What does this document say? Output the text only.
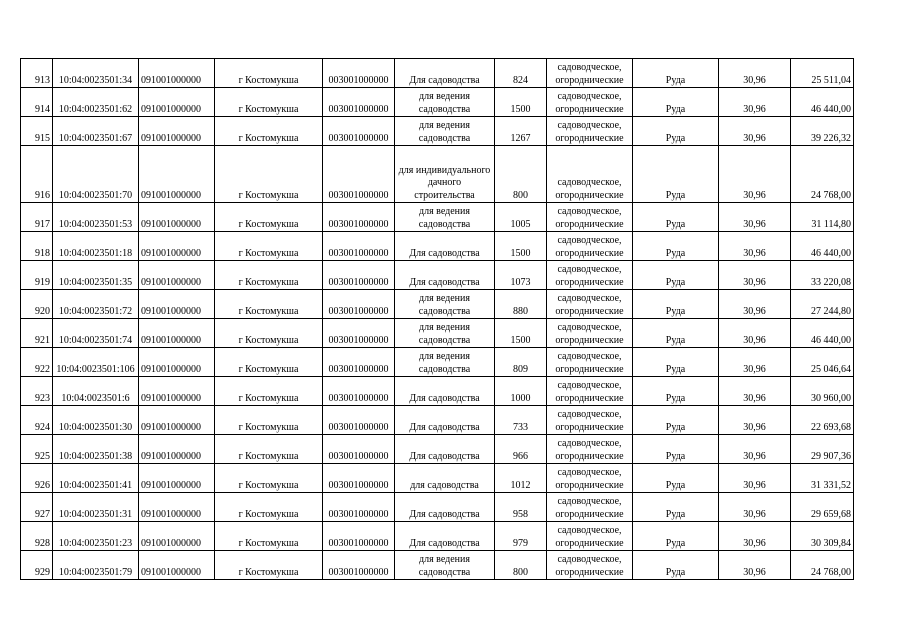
913	10:04:0023501:34	091001000000	г Костомукша	003001000000	Для садоводства	824	садоводческое, огороднические	Руда	30,96	25 511,04
914	10:04:0023501:62	091001000000	г Костомукша	003001000000	для ведения садоводства	1500	садоводческое, огороднические	Руда	30,96	46 440,00
915	10:04:0023501:67	091001000000	г Костомукша	003001000000	для ведения садоводства	1267	садоводческое, огороднические	Руда	30,96	39 226,32
916	10:04:0023501:70	091001000000	г Костомукша	003001000000	для индивидуального дачного строительства	800	садоводческое, огороднические	Руда	30,96	24 768,00
917	10:04:0023501:53	091001000000	г Костомукша	003001000000	для ведения садоводства	1005	садоводческое, огороднические	Руда	30,96	31 114,80
918	10:04:0023501:18	091001000000	г Костомукша	003001000000	Для садоводства	1500	садоводческое, огороднические	Руда	30,96	46 440,00
919	10:04:0023501:35	091001000000	г Костомукша	003001000000	Для садоводства	1073	садоводческое, огороднические	Руда	30,96	33 220,08
920	10:04:0023501:72	091001000000	г Костомукша	003001000000	для ведения садоводства	880	садоводческое, огороднические	Руда	30,96	27 244,80
921	10:04:0023501:74	091001000000	г Костомукша	003001000000	для ведения садоводства	1500	садоводческое, огороднические	Руда	30,96	46 440,00
922	10:04:0023501:106	091001000000	г Костомукша	003001000000	для ведения садоводства	809	садоводческое, огороднические	Руда	30,96	25 046,64
923	10:04:0023501:6	091001000000	г Костомукша	003001000000	Для садоводства	1000	садоводческое, огороднические	Руда	30,96	30 960,00
924	10:04:0023501:30	091001000000	г Костомукша	003001000000	Для садоводства	733	садоводческое, огороднические	Руда	30,96	22 693,68
925	10:04:0023501:38	091001000000	г Костомукша	003001000000	Для садоводства	966	садоводческое, огороднические	Руда	30,96	29 907,36
926	10:04:0023501:41	091001000000	г Костомукша	003001000000	для садоводства	1012	садоводческое, огороднические	Руда	30,96	31 331,52
927	10:04:0023501:31	091001000000	г Костомукша	003001000000	Для садоводства	958	садоводческое, огороднические	Руда	30,96	29 659,68
928	10:04:0023501:23	091001000000	г Костомукша	003001000000	Для садоводства	979	садоводческое, огороднические	Руда	30,96	30 309,84
929	10:04:0023501:79	091001000000	г Костомукша	003001000000	для ведения садоводства	800	садоводческое, огороднические	Руда	30,96	24 768,00
